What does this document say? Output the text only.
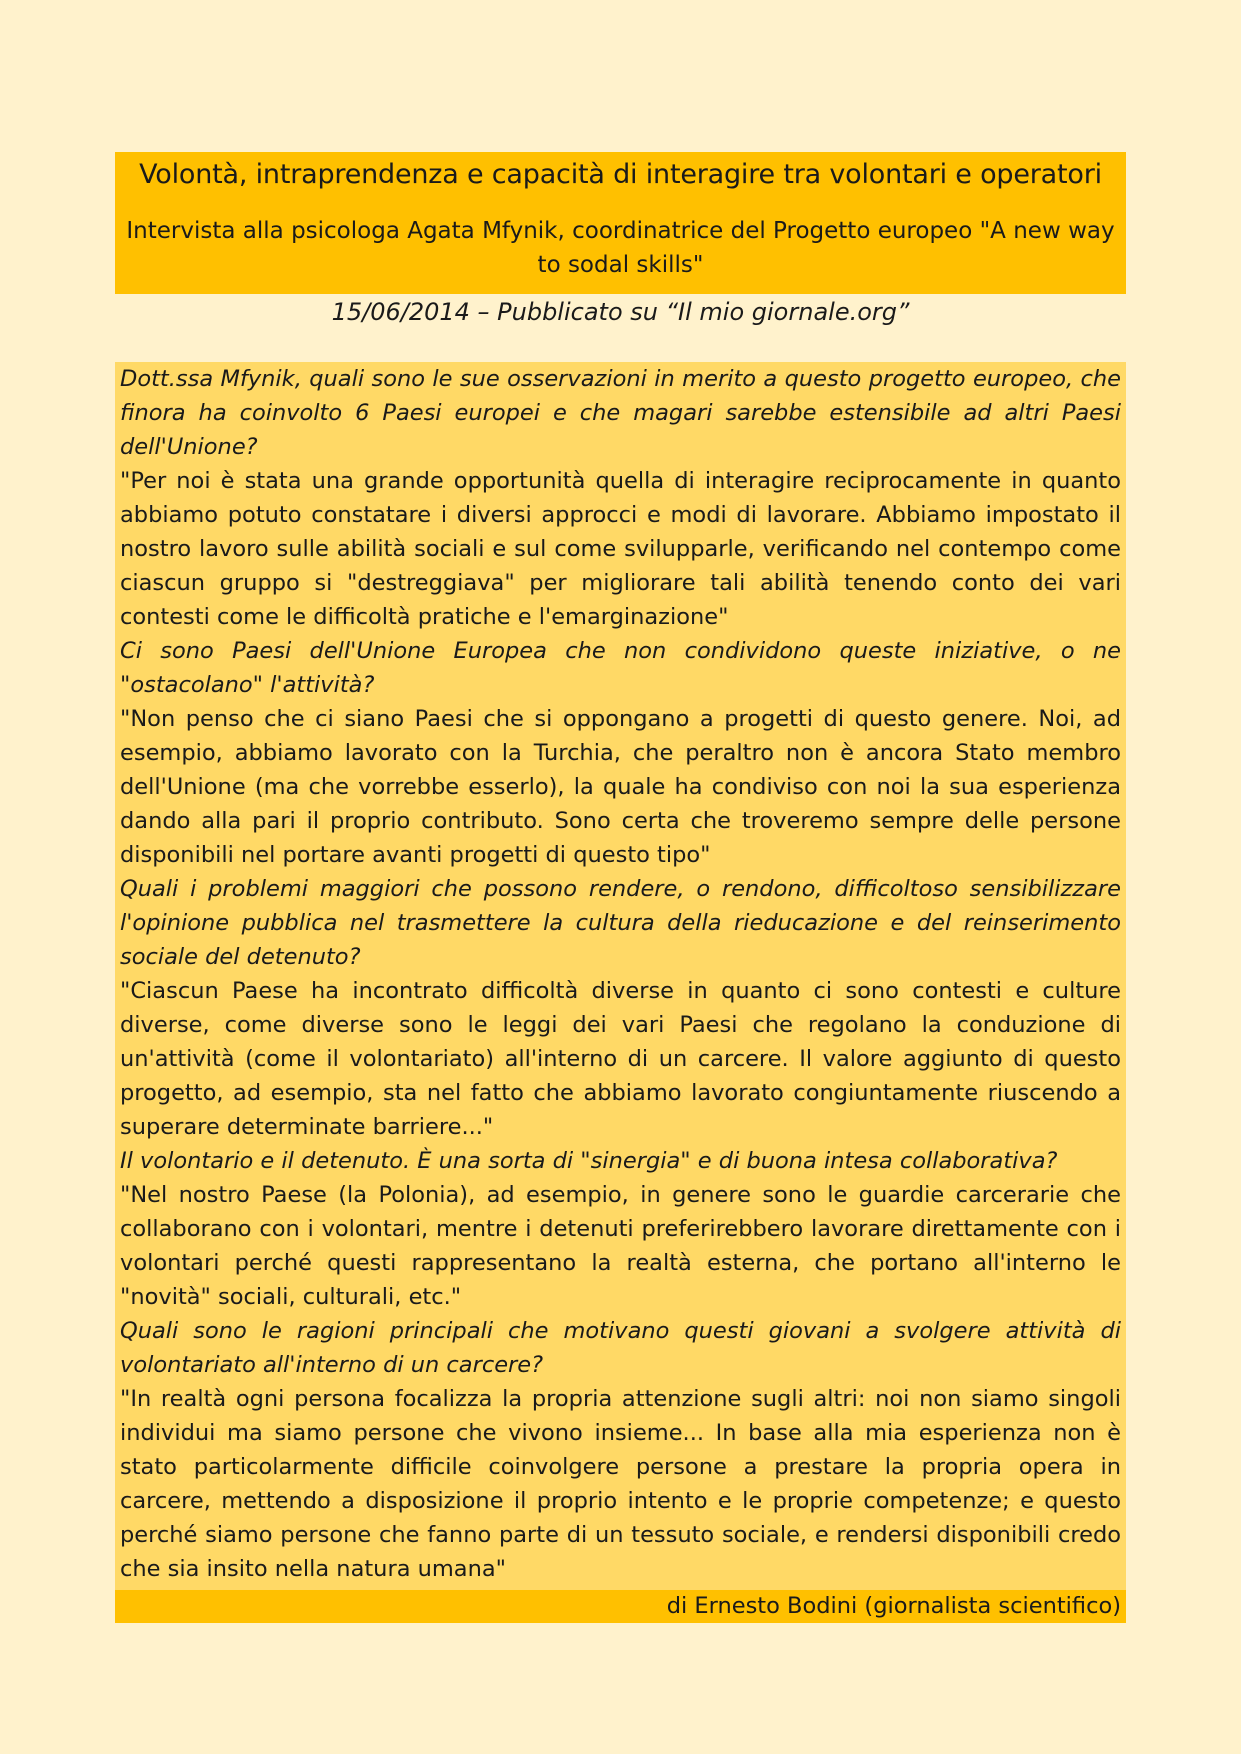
Volontà, intraprendenza e capacità di interagire tra volontari e operatori
Intervista alla psicologa Agata Mfynik, coordinatrice del Progetto europeo "A new way to sodal skills"
15/06/2014 – Pubblicato su “Il mio giornale.org”

Dott.ssa Mfynik, quali sono le sue osservazioni in merito a questo progetto europeo, che finora ha coinvolto 6 Paesi europei e che magari sarebbe estensibile ad altri Paesi dell'Unione?

"Per noi è stata una grande opportunità quella di interagire reciprocamente in quanto abbiamo potuto constatare i diversi approcci e modi di lavorare. Abbiamo impostato il nostro lavoro sulle abilità sociali e sul come svilupparle, verificando nel contempo come ciascun gruppo si "destreggiava" per migliorare tali abilità tenendo conto dei vari contesti come le difficoltà pratiche e l'emarginazione"

Ci sono Paesi dell'Unione Europea che non condividono queste iniziative, o ne "ostacolano" l'attività?

"Non penso che ci siano Paesi che si oppongano a progetti di questo genere. Noi, ad esempio, abbiamo lavorato con la Turchia, che peraltro non è ancora Stato membro dell'Unione (ma che vorrebbe esserlo), la quale ha condiviso con noi la sua esperienza dando alla pari il proprio contributo. Sono certa che troveremo sempre delle persone disponibili nel portare avanti progetti di questo tipo"

Quali i problemi maggiori che possono rendere, o rendono, difficoltoso sensibilizzare l'opinione pubblica nel trasmettere la cultura della rieducazione e del reinserimento sociale del detenuto?

"Ciascun Paese ha incontrato difficoltà diverse in quanto ci sono contesti e culture diverse, come diverse sono le leggi dei vari Paesi che regolano la conduzione di un'attività (come il volontariato) all'interno di un carcere. Il valore aggiunto di questo progetto, ad esempio, sta nel fatto che abbiamo lavorato congiuntamente riuscendo a superare determinate barriere..."

Il volontario e il detenuto. È una sorta di "sinergia" e di buona intesa collaborativa?

"Nel nostro Paese (la Polonia), ad esempio, in genere sono le guardie carcerarie che collaborano con i volontari, mentre i detenuti preferirebbero lavorare direttamente con i volontari perché questi rappresentano la realtà esterna, che portano all'interno le "novità" sociali, culturali, etc."

Quali sono le ragioni principali che motivano questi giovani a svolgere attività di volontariato all'interno di un carcere?

"In realtà ogni persona focalizza la propria attenzione sugli altri: noi non siamo singoli individui ma siamo persone che vivono insieme... In base alla mia esperienza non è stato particolarmente difficile coinvolgere persone a prestare la propria opera in carcere, mettendo a disposizione il proprio intento e le proprie competenze; e questo perché siamo persone che fanno parte di un tessuto sociale, e rendersi disponibili credo che sia insito nella natura umana"

di Ernesto Bodini (giornalista scientifico)
